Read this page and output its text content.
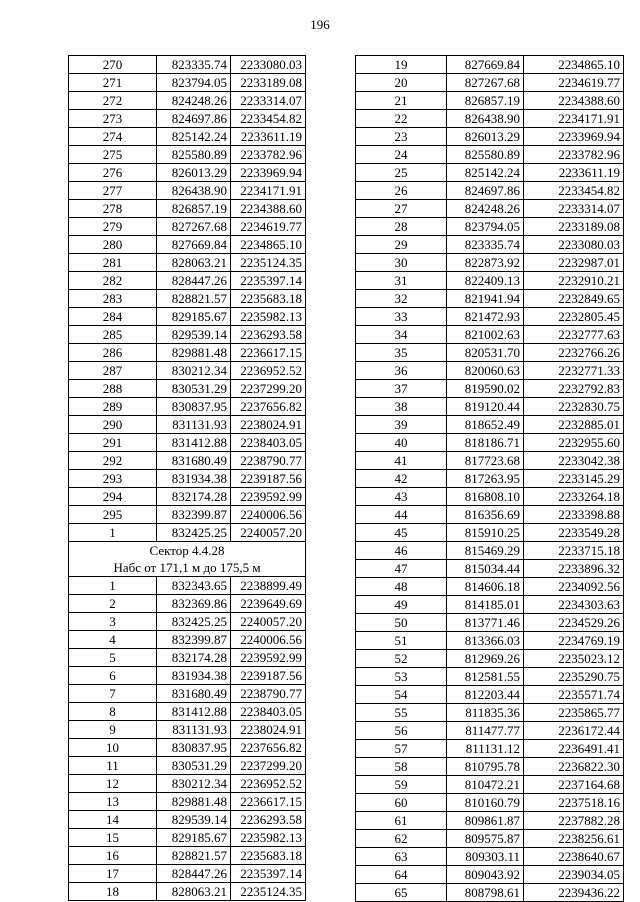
196
270	823335.74	2233080.03
271	823794.05	2233189.08
272	824248.26	2233314.07
273	824697.86	2233454.82
274	825142.24	2233611.19
275	825580.89	2233782.96
276	826013.29	2233969.94
277	826438.90	2234171.91
278	826857.19	2234388.60
279	827267.68	2234619.77
280	827669.84	2234865.10
281	828063.21	2235124.35
282	828447.26	2235397.14
283	828821.57	2235683.18
284	829185.67	2235982.13
285	829539.14	2236293.58
286	829881.48	2236617.15
287	830212.34	2236952.52
288	830531.29	2237299.20
289	830837.95	2237656.82
290	831131.93	2238024.91
291	831412.88	2238403.05
292	831680.49	2238790.77
293	831934.38	2239187.56
294	832174.28	2239592.99
295	832399.87	2240006.56
1	832425.25	2240057.20
Сектор 4.4.28		
Набс от 171,1 м до 175,5 м		
1	832343.65	2238899.49
2	832369.86	2239649.69
3	832425.25	2240057.20
4	832399.87	2240006.56
5	832174.28	2239592.99
6	831934.38	2239187.56
7	831680.49	2238790.77
8	831412.88	2238403.05
9	831131.93	2238024.91
10	830837.95	2237656.82
11	830531.29	2237299.20
12	830212.34	2236952.52
13	829881.48	2236617.15
14	829539.14	2236293.58
15	829185.67	2235982.13
16	828821.57	2235683.18
17	828447.26	2235397.14
18	828063.21	2235124.35
19	827669.84	2234865.10
20	827267.68	2234619.77
21	826857.19	2234388.60
22	826438.90	2234171.91
23	826013.29	2233969.94
24	825580.89	2233782.96
25	825142.24	2233611.19
26	824697.86	2233454.82
27	824248.26	2233314.07
28	823794.05	2233189.08
29	823335.74	2233080.03
30	822873.92	2232987.01
31	822409.13	2232910.21
32	821941.94	2232849.65
33	821472.93	2232805.45
34	821002.63	2232777.63
35	820531.70	2232766.26
36	820060.63	2232771.33
37	819590.02	2232792.83
38	819120.44	2232830.75
39	818652.49	2232885.01
40	818186.71	2232955.60
41	817723.68	2233042.38
42	817263.95	2233145.29
43	816808.10	2233264.18
44	816356.69	2233398.88
45	815910.25	2233549.28
46	815469.29	2233715.18
47	815034.44	2233896.32
48	814606.18	2234092.56
49	814185.01	2234303.63
50	813771.46	2234529.26
51	813366.03	2234769.19
52	812969.26	2235023.12
53	812581.55	2235290.75
54	812203.44	2235571.74
55	811835.36	2235865.77
56	811477.77	2236172.44
57	811131.12	2236491.41
58	810795.78	2236822.30
59	810472.21	2237164.68
60	810160.79	2237518.16
61	809861.87	2237882.28
62	809575.87	2238256.61
63	809303.11	2238640.67
64	809043.92	2239034.05
65	808798.61	2239436.22
